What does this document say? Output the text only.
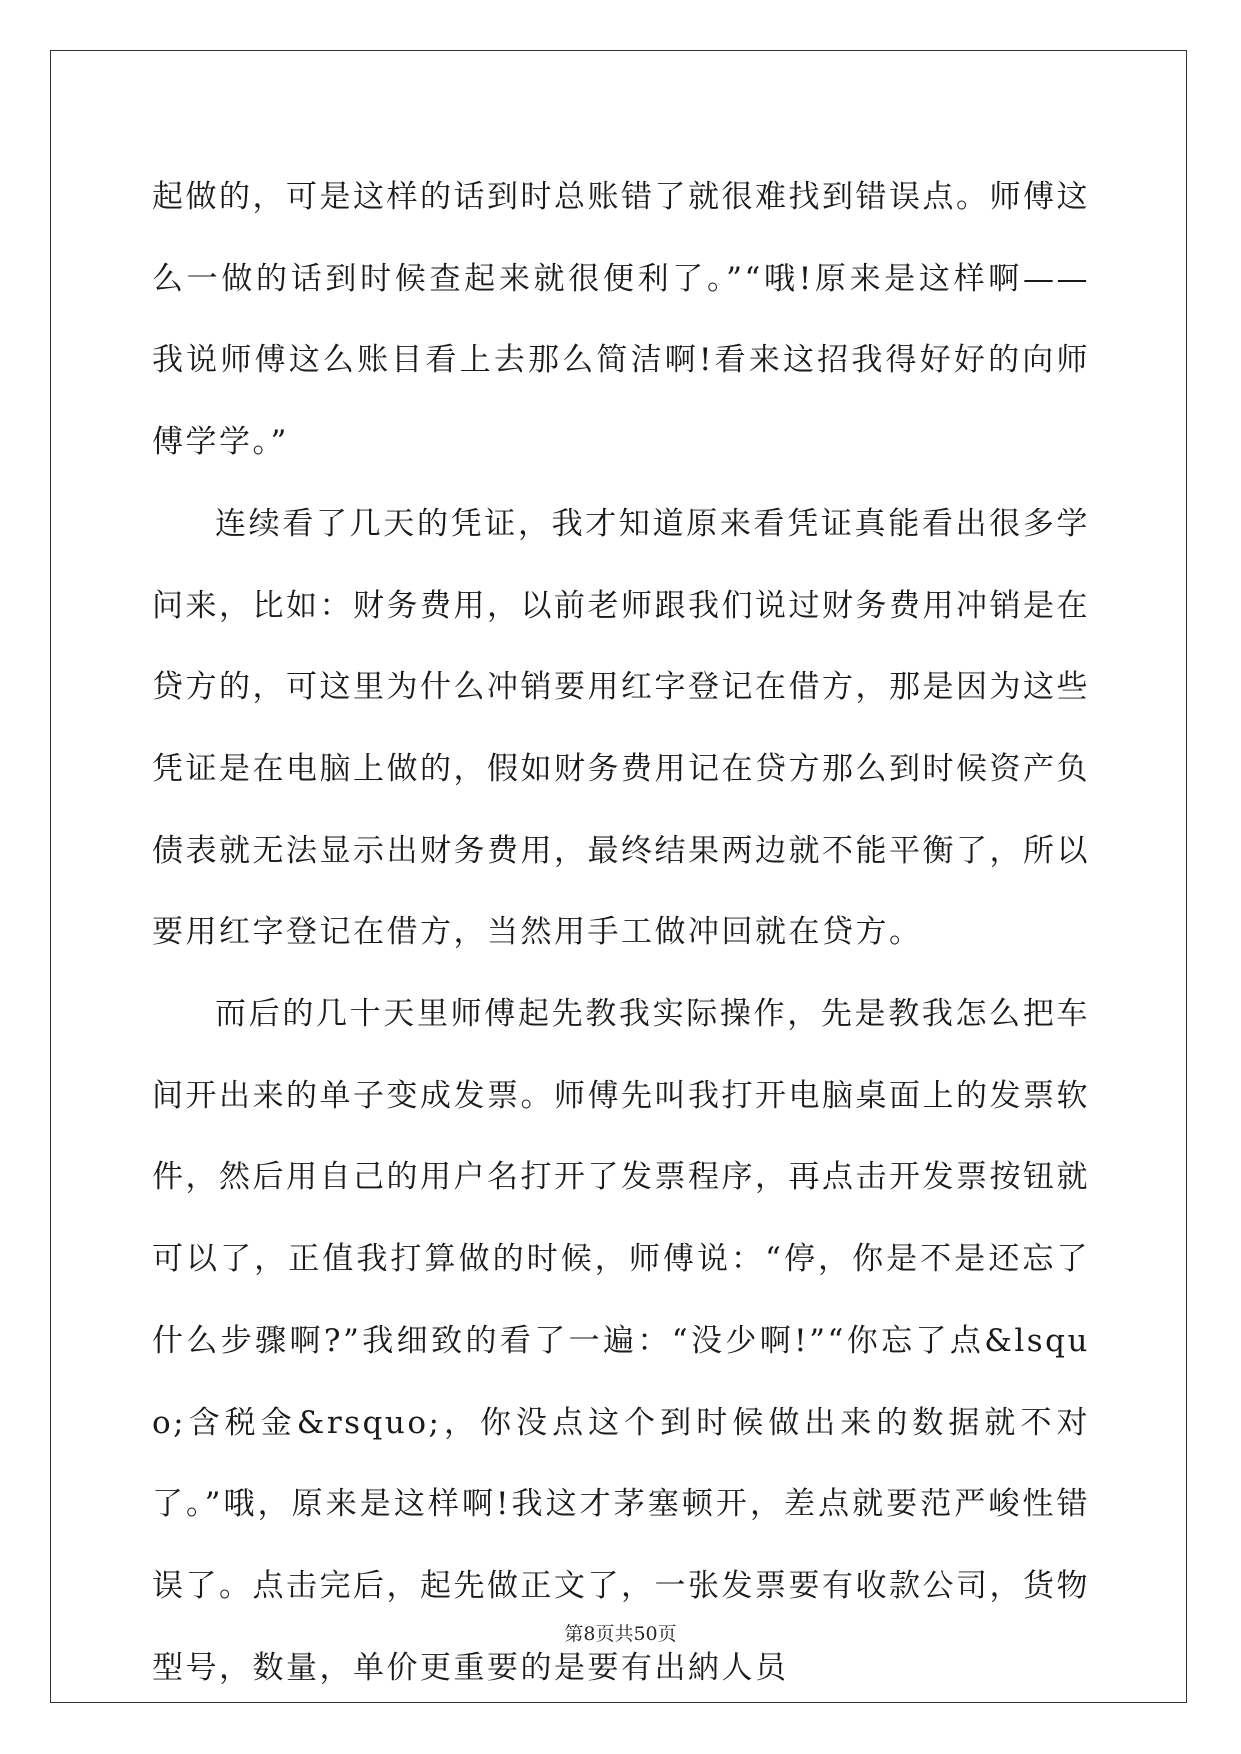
起做的，可是这样的话到时总账错了就很难找到错误点。师傅这么一做的话到时候查起来就很便利了。”“哦!原来是这样啊——我说师傅这么账目看上去那么简洁啊!看来这招我得好好的向师傅学学。”

连续看了几天的凭证，我才知道原来看凭证真能看出很多学问来，比如：财务费用，以前老师跟我们说过财务费用冲销是在贷方的，可这里为什么冲销要用红字登记在借方，那是因为这些凭证是在电脑上做的，假如财务费用记在贷方那么到时候资产负债表就无法显示出财务费用，最终结果两边就不能平衡了，所以要用红字登记在借方，当然用手工做冲回就在贷方。

而后的几十天里师傅起先教我实际操作，先是教我怎么把车间开出来的单子变成发票。师傅先叫我打开电脑桌面上的发票软件，然后用自己的用户名打开了发票程序，再点击开发票按钮就可以了，正值我打算做的时候，师傅说：“停，你是不是还忘了什么步骤啊?”我细致的看了一遍：“没少啊!”“你忘了点&lsquo;含税金&rsquo;，你没点这个到时候做出来的数据就不对了。”哦，原来是这样啊!我这才茅塞顿开，差点就要范严峻性错误了。点击完后，起先做正文了，一张发票要有收款公司，货物型号，数量，单价更重要的是要有出納人员

第8页共50页
